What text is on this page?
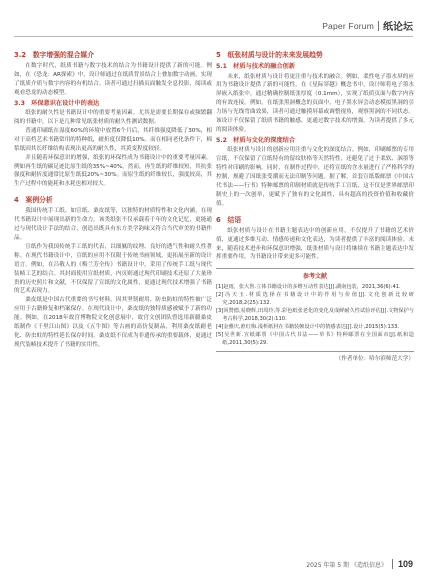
Paper Forum 纸论坛
3.2　数字增强的混合媒介

在数字时代，纸质书籍与数字技术的结合为书籍设计提供了新的可能。例如，在《恐龙：AR探索》中，设计师通过在纸质背景结合上叠加数字动画，实现了纸质介质与数字内容的有机结合。读者可通过扫描页面触发全息投影，阅读或观看恐龙的动态模型。

3.3　环保意识在设计中的表达

纸张的耐久性是书籍设计中的重要考量因素。尤其是需要长期保存或频繁翻阅的书籍中，以下是几种常见纸张材质的耐久性测试数据。

普通印刷纸在湿度60%的环境中放置6个月后，其纤维强度降低了30%，相对于高档艺术书籍常用的特种纸，耐折度仅降低10%。而在相同老化条件下，棉浆纸因其长纤维结构表现出更高的耐久性，其黄变程度较轻。

并且随着环保意识的增强，纸张的环保性成为书籍设计中的重要考量因素。例如再生纸的碳足迹比原生纸的35%~40%，然而，再生纸的纤维较短，其抗张强度和耐折度通常比原生纸低20%~30%。而原生纸的纤维较长，强度较高，其生产过程中的能耗和水耗也相对较大。

4　案例分析

我国传统手工纸、如宣纸、桑皮纸等，以独特的材质特性和文化内涵，在现代书籍设计中展现出新的生命力。该类纸张不仅承载着千年的文化记忆，更能通过与现代设计手法的结合，创造出既具有东方美学韵味又符合当代审美的书籍作品。

宣纸作为我国传统手工纸的代表，以细腻的纹理、良好的透气性和耐久性著称。在现代书籍设计中，宣纸的应用不仅限于传统书画领域，更拓展至新的设计语言。例如，在吕敬人的《梅兰芳全传》书籍设计中，采用了传统手工纸与现代装帧工艺的结合。其封面使用宣纸材质，内页则通过现代印刷技术还原了大量珍贵的历史照片和文献，不仅保留了宣纸的文化属性，更通过现代技术增强了书籍的艺术表现力。

桑皮纸是中国古代重要的书写材料，因其坚韧耐用、防虫防蛀的特性被广泛应用于古籍修复和档案保存。在现代设计中，桑皮纸的独特质感被赋予了新的功能。例如，在2018年故宫博物院文化创意展中，故宫文创团队曾选用新疆桑皮纸制作《千里江山图》以及《五牛图》等古画的高仿复制品，利用桑皮纸耐老化、防虫蛀的特性延长保存时间。桑皮纸不仅成为非遗传承的重要载体，更通过现代装帧技术提升了书籍的实用性。

5　纸张材质与设计的未来发展趋势
5.1　材质与技术的融合创新

未来，纸张材质与设计将更注重与技术的融合。例如，柔性电子墨水屏的应用为书籍设计提供了新的可能性。在《星际穿越》概念书中，设计师将电子墨水屏嵌入纸张中，通过精确控制纸张厚度（0.1mm），实现了纸质页面与数字内容的有效连接。例如，在纸张黑洞概念的页面中，电子墨水屏会动态模拟黑洞的引力场与光线弯曲效果，读者可通过触摸屏幕或调整视角，观察黑洞的不同状态。该设计不仅保留了纸质书籍的触感，更通过数字技术的增强，为读者提供了多元的阅读体验。

5.2　材质与文化的深度结合

纸张材质与设计的创新应用注重与文化的深度结合。例如，印刷邮票的专用宣纸，不仅保留了宣纸特有的留纹肤格等天然特性，还避免了过于柔软、洇墨等特性对印刷的影响。同时，在制作过程中，还将宣纸的含水量进行了严格科学的控制，规避了因纸张受潮而无法印制等问题。据了解，首套宣纸版邮票《中国古代书法——行书》特种邮票的印制材质就是传统手工宣纸，这不仅是世界邮票印制史上的一次创举，更赋予了独有的文化属性，具有超高的投资价值和收藏价值。

6　结语

纸张材质与设计在书籍主题表达中的创新应用，不仅提升了书籍的艺术价值，更通过多维互动、情感传递和文化表达，为读者提供了丰富的阅读体验。未来，随着技术进步和环保意识增强，纸张材质与设计将继续在书籍主题表达中发挥重要作用，为书籍设计带来更多可能性。

参考文献
[1]赵雨，张大鲁.立体书籍设计的多维互动性表达[J].湖南包装，2021,36(6):41.
[2]冯天玉.材质选择在书籍设计中的作用与价值[J].文化创新比较研究,2018,2(25):132.
[3]回赞德,易晓辉,田周玲,等.彩色纸张老化的变化及成鲜耐久性试验评估[J].文物保护与考古科学,2018,30(2):110.
[4]金雅庆,淮红梅.浅析纸材在书籍装帧设计中的情感表达[J].设计,2015(5):133.
[5]吴世新.宣纸邮票《中国古代书法——草书》特种邮票在全国面市[J].纸和造纸,2011,30(5):29.
（作者单位：哈尔滨师范大学）
2025 年第 5 期 《造纸信息》 109
